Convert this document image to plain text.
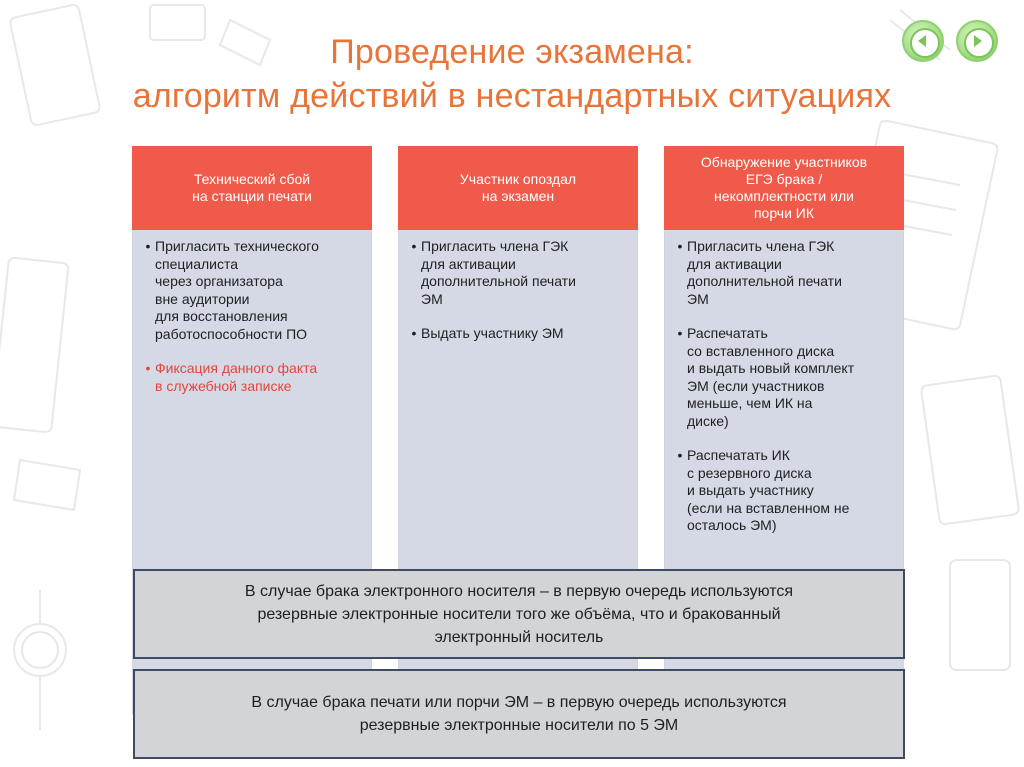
Проведение экзамена:
алгоритм действий в нестандартных ситуациях
Технический сбой
на станции печати
• Пригласить технического
специалиста
через организатора
вне аудитории
для восстановления
работоспособности ПО
• Фиксация данного факта
в служебной записке
Участник опоздал
на экзамен
• Пригласить члена ГЭК
для активации
дополнительной печати
ЭМ
• Выдать участнику ЭМ
Обнаружение участников
ЕГЭ брака /
некомплектности или
порчи ИК
• Пригласить члена ГЭК
для активации
дополнительной печати
ЭМ
• Распечатать
со вставленного диска
и выдать новый комплект
ЭМ (если участников
меньше, чем ИК на
диске)
• Распечатать ИК
с резервного диска
и выдать участнику
(если на вставленном не
осталось ЭМ)
В случае брака электронного носителя – в первую очередь используются
резервные электронные носители того же объёма, что и бракованный
электронный носитель
В случае брака печати или порчи ЭМ – в первую очередь используются
резервные электронные носители по 5 ЭМ
